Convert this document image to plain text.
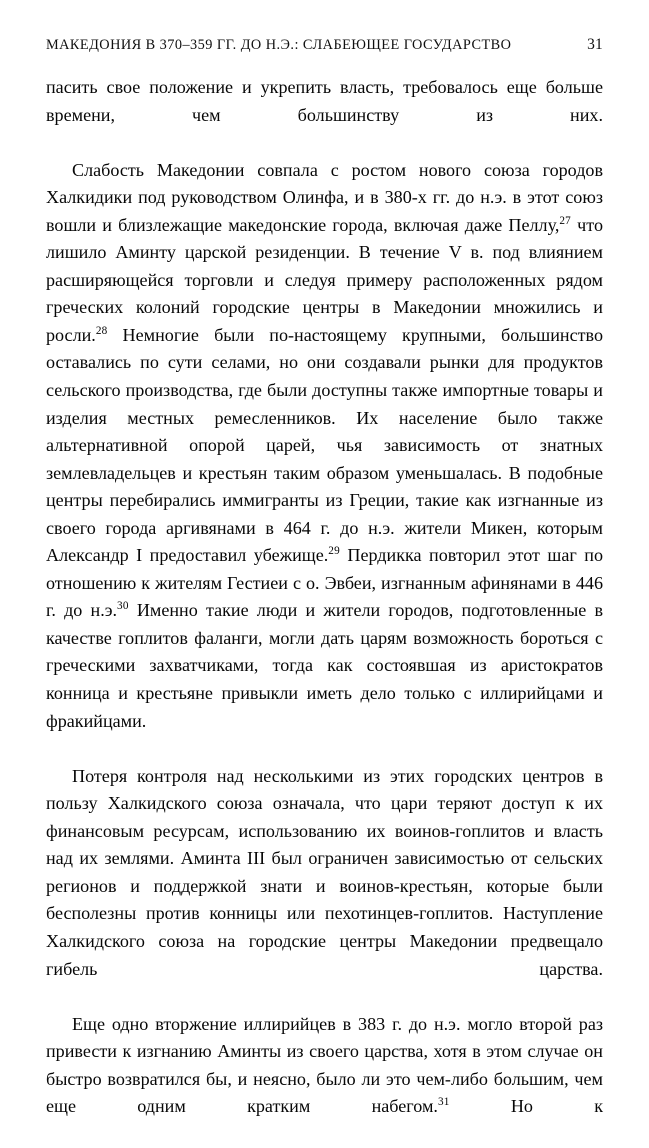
МАКЕДОНИЯ В 370–359 ГГ. ДО Н.Э.: СЛАБЕЮЩЕЕ ГОСУДАРСТВО	31

пасить свое положение и укрепить власть, требовалось еще больше времени, чем большинству из них.

Слабость Македонии совпала с ростом нового союза городов Халкидики под руководством Олинфа, и в 380-х гг. до н.э. в этот союз вошли и близлежащие македонские города, включая даже Пеллу,$^{27}$ что лишило Аминту царской резиденции. В течение V в. под влиянием расширяющейся торговли и следуя примеру расположенных рядом греческих колоний городские центры в Македонии множились и росли.$^{28}$ Немногие были по-настоящему крупными, большинство оставались по сути селами, но они создавали рынки для продуктов сельского производства, где были доступны также импортные товары и изделия местных ремесленников. Их население было также альтернативной опорой царей, чья зависимость от знатных землевладельцев и крестьян таким образом уменьшалась. В подобные центры перебирались иммигранты из Греции, такие как изгнанные из своего города аргивянами в 464 г. до н.э. жители Микен, которым Александр I предоставил убежище.$^{29}$ Пердикка повторил этот шаг по отношению к жителям Гестиеи с о. Эвбеи, изгнанным афинянами в 446 г. до н.э.$^{30}$ Именно такие люди и жители городов, подготовленные в качестве гоплитов фаланги, могли дать царям возможность бороться с греческими захватчиками, тогда как состоявшая из аристократов конница и крестьяне привыкли иметь дело только с иллирийцами и фракийцами.

Потеря контроля над несколькими из этих городских центров в пользу Халкидского союза означала, что цари теряют доступ к их финансовым ресурсам, использованию их воинов-гоплитов и власть над их землями. Аминта III был ограничен зависимостью от сельских регионов и поддержкой знати и воинов-крестьян, которые были бесполезны против конницы или пехотинцев-гоплитов. Наступление Халкидского союза на городские центры Македонии предвещало гибель царства.

Еще одно вторжение иллирийцев в 383 г. до н.э. могло второй раз привести к изгнанию Аминты из своего царства, хотя в этом случае он быстро возвратился бы, и неясно, было ли это чем-либо большим, чем еще одним кратким набегом.$^{31}$ Но к
